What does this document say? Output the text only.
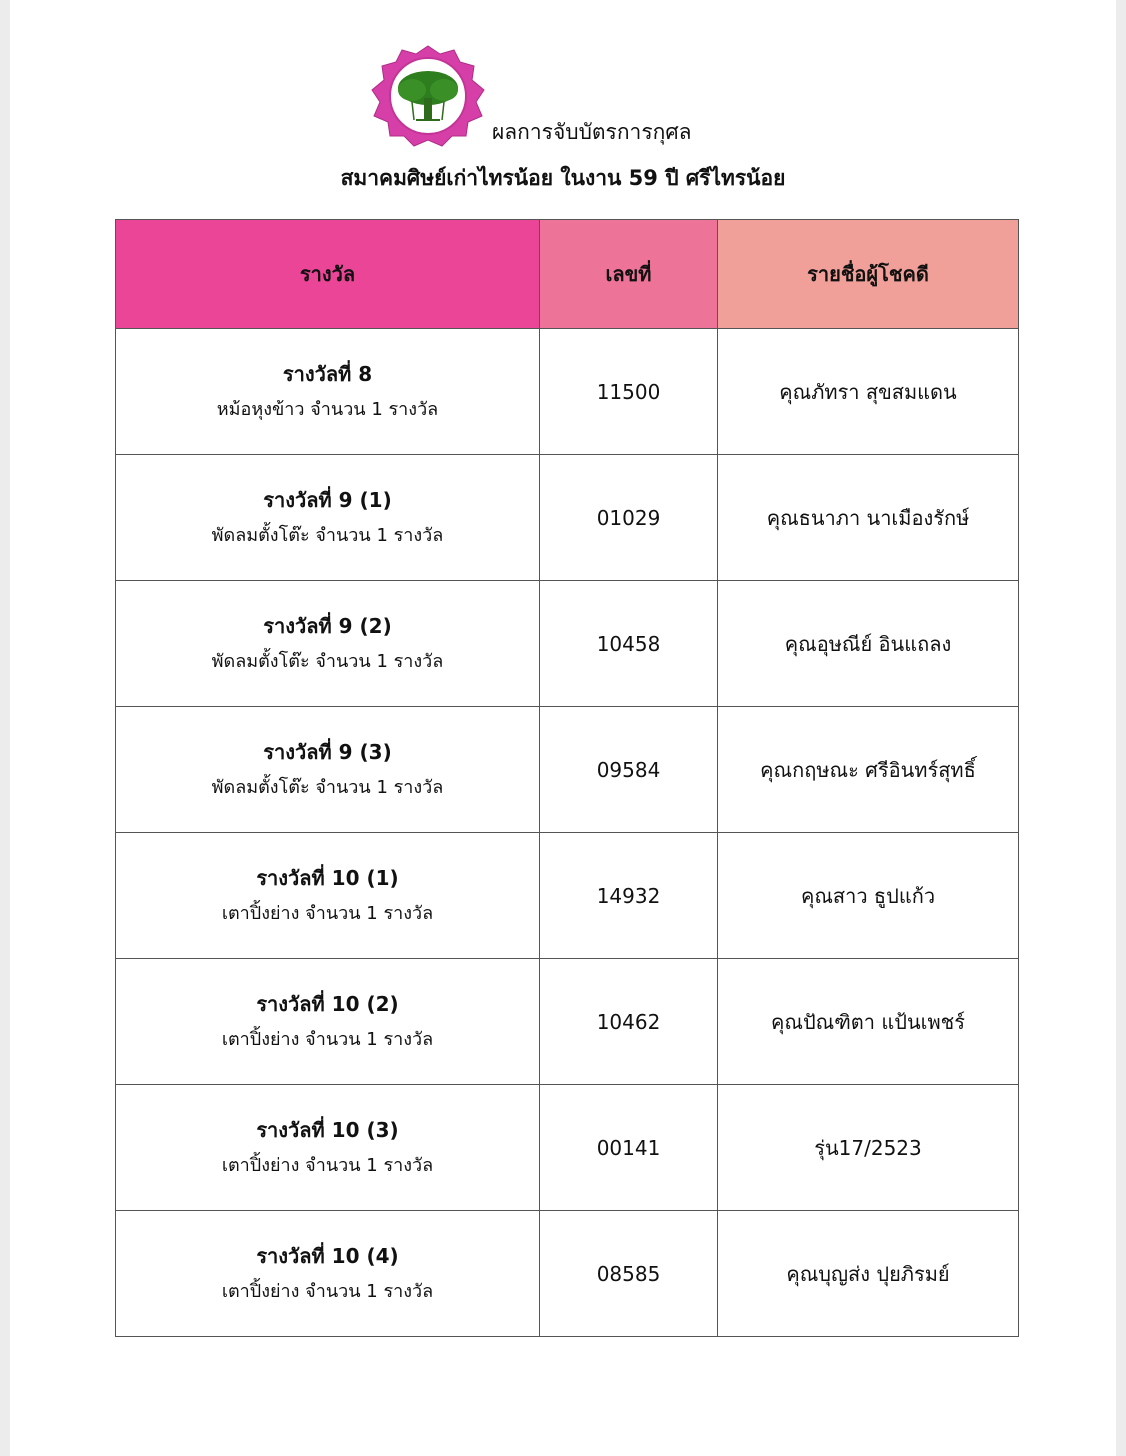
ผลการจับบัตรการกุศล
สมาคมศิษย์เก่าไทรน้อย ในงาน 59 ปี ศรีไทรน้อย
รางวัล	เลขที่	รายชื่อผู้โชคดี

รางวัลที่ 8
หม้อหุงข้าว จำนวน 1 รางวัล	11500	คุณภัทรา สุขสมแดน

รางวัลที่ 9 (1)
พัดลมตั้งโต๊ะ จำนวน 1 รางวัล	01029	คุณธนาภา นาเมืองรักษ์

รางวัลที่ 9 (2)
พัดลมตั้งโต๊ะ จำนวน 1 รางวัล	10458	คุณอุษณีย์ อินแถลง

รางวัลที่ 9 (3)
พัดลมตั้งโต๊ะ จำนวน 1 รางวัล	09584	คุณกฤษณะ ศรีอินทร์สุทธิ์

รางวัลที่ 10 (1)
เตาปิ้งย่าง จำนวน 1 รางวัล	14932	คุณสาว ธูปแก้ว

รางวัลที่ 10 (2)
เตาปิ้งย่าง จำนวน 1 รางวัล	10462	คุณปัณฑิตา แป้นเพชร์

รางวัลที่ 10 (3)
เตาปิ้งย่าง จำนวน 1 รางวัล	00141	รุ่น17/2523

รางวัลที่ 10 (4)
เตาปิ้งย่าง จำนวน 1 รางวัล	08585	คุณบุญส่ง ปุยภิรมย์
